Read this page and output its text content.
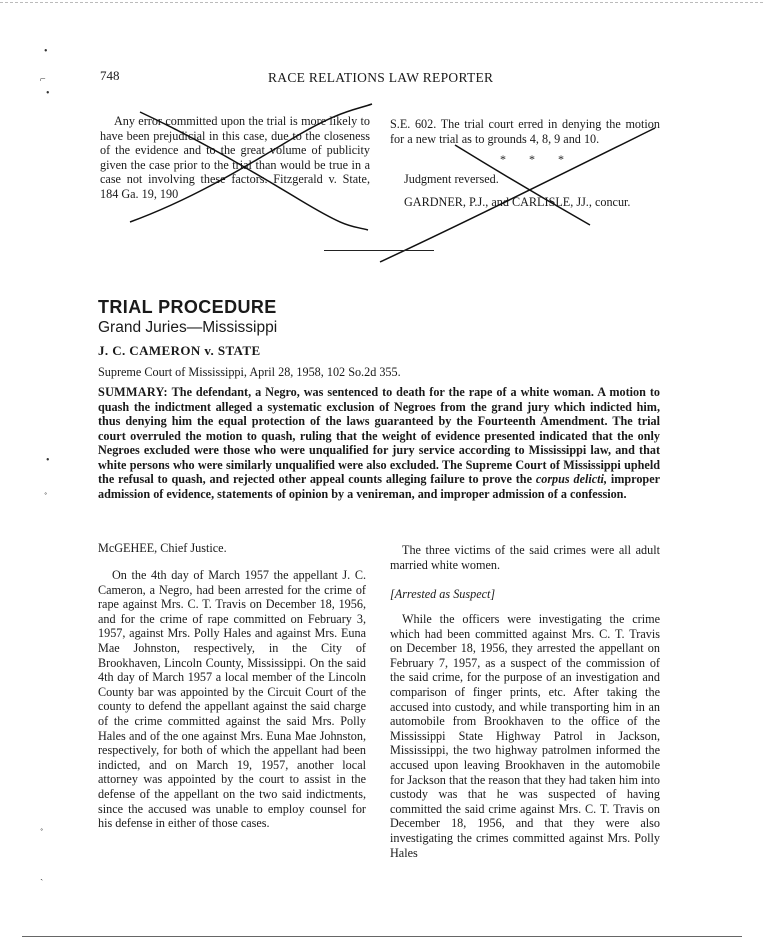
•
⌐
•
•
˚
˚
ˎ
748	RACE RELATIONS LAW REPORTER

Any error committed upon the trial is more likely to have been prejudicial in this case, due to the closeness of the evidence and to the great volume of publicity given the case prior to the trial than would be true in a case not involving these factors. Fitzgerald v. State, 184 Ga. 19, 190

S.E. 602. The trial court erred in denying the motion for a new trial as to grounds 4, 8, 9 and 10.

* * *
Judgment reversed.
GARDNER, P.J., and CARLISLE, JJ., concur.
TRIAL PROCEDURE
Grand Juries—Mississippi
J. C. CAMERON v. STATE
Supreme Court of Mississippi, April 28, 1958, 102 So.2d 355.

SUMMARY: The defendant, a Negro, was sentenced to death for the rape of a white woman. A motion to quash the indictment alleged a systematic exclusion of Negroes from the grand jury which indicted him, thus denying him the equal protection of the laws guaranteed by the Fourteenth Amendment. The trial court overruled the motion to quash, ruling that the weight of evidence presented indicated that the only Negroes excluded were those who were unqualified for jury service according to Mississippi law, and that white persons who were similarly unqualified were also excluded. The Supreme Court of Mississippi upheld the refusal to quash, and rejected other appeal counts alleging failure to prove the corpus delicti, improper admission of evidence, statements of opinion by a venireman, and improper admission of a confession.

McGEHEE, Chief Justice.

On the 4th day of March 1957 the appellant J. C. Cameron, a Negro, had been arrested for the crime of rape against Mrs. C. T. Travis on December 18, 1956, and for the crime of rape committed on February 3, 1957, against Mrs. Polly Hales and against Mrs. Euna Mae Johnston, respectively, in the City of Brookhaven, Lincoln County, Mississippi. On the said 4th day of March 1957 a local member of the Lincoln County bar was appointed by the Circuit Court of the county to defend the appellant against the said charge of the crime committed against the said Mrs. Polly Hales and of the one against Mrs. Euna Mae Johnston, respectively, for both of which the appellant had been indicted, and on March 19, 1957, another local attorney was appointed by the court to assist in the defense of the appellant on the two said indictments, since the accused was unable to employ counsel for his defense in either of those cases.

The three victims of the said crimes were all adult married white women.

[Arrested as Suspect]

While the officers were investigating the crime which had been committed against Mrs. C. T. Travis on December 18, 1956, they arrested the appellant on February 7, 1957, as a suspect of the commission of the said crime, for the purpose of an investigation and comparison of finger prints, etc. After taking the accused into custody, and while transporting him in an automobile from Brookhaven to the office of the Mississippi State Highway Patrol in Jackson, Mississippi, the two highway patrolmen informed the accused upon leaving Brookhaven in the automobile for Jackson that the reason that they had taken him into custody was that he was suspected of having committed the said crime against Mrs. C. T. Travis on December 18, 1956, and that they were also investigating the crimes committed against Mrs. Polly Hales
